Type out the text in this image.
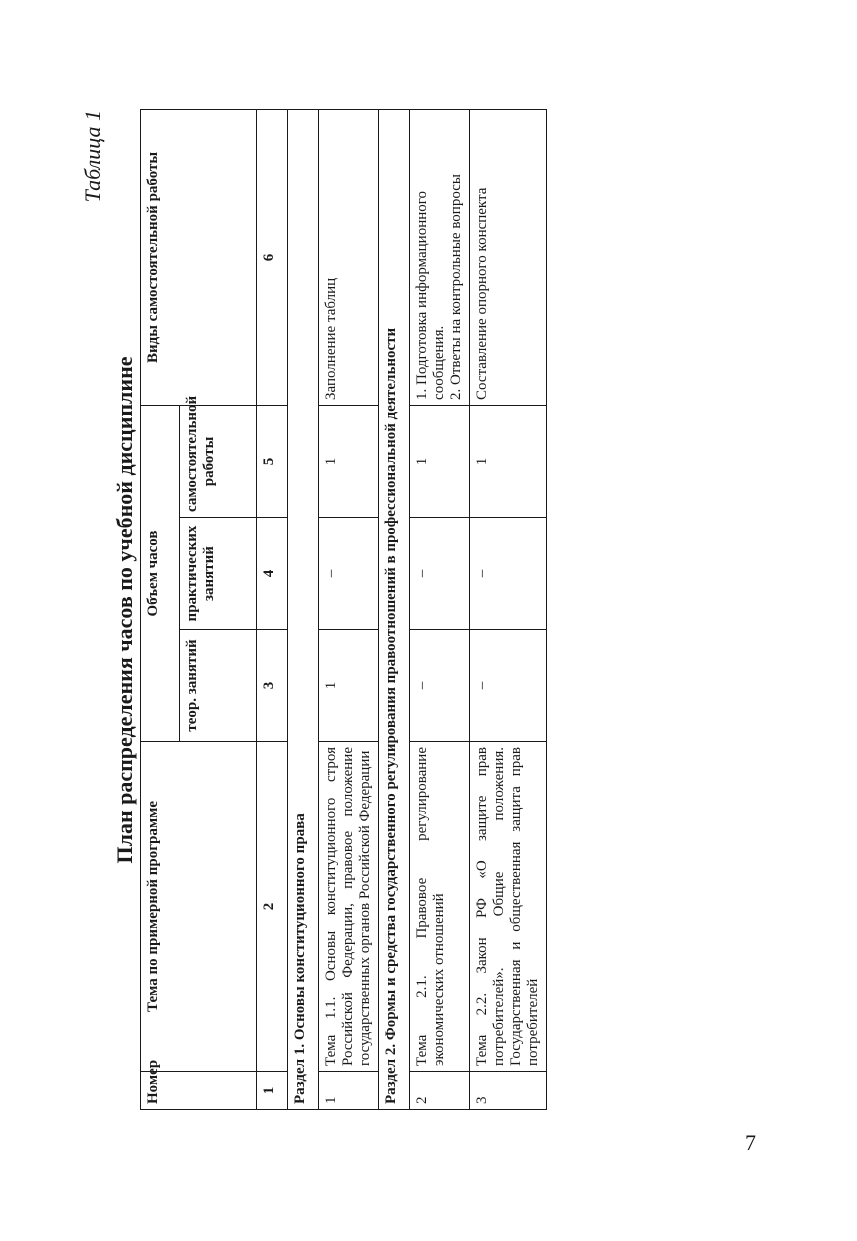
Таблица 1
План распределения часов по учебной дисциплине
Номер	Тема по примерной программе	Объем часов			Виды самостоятельной работы
		теор. занятий	практических занятий	самостоятельной работы	
1	2	3	4	5	6
Раздел 1. Основы конституционного права					
1	Тема 1.1. Основы конституционного строя Российской Федерации, правовое положение государственных органов Российской Федерации	1	–	1	Заполнение таблиц
Раздел 2. Формы и средства государственного регулирования правоотношений в профессиональной деятельности					
2	Тема 2.1. Правовое регулирование экономических отношений	–	–	1	1. Подготовка информационного сообщения.
2. Ответы на контрольные вопросы
3	Тема 2.2. Закон РФ «О защите прав потребителей». Общие положения. Государственная и общественная защита прав потребителей	–	–	1	Составление опорного конспекта
7
